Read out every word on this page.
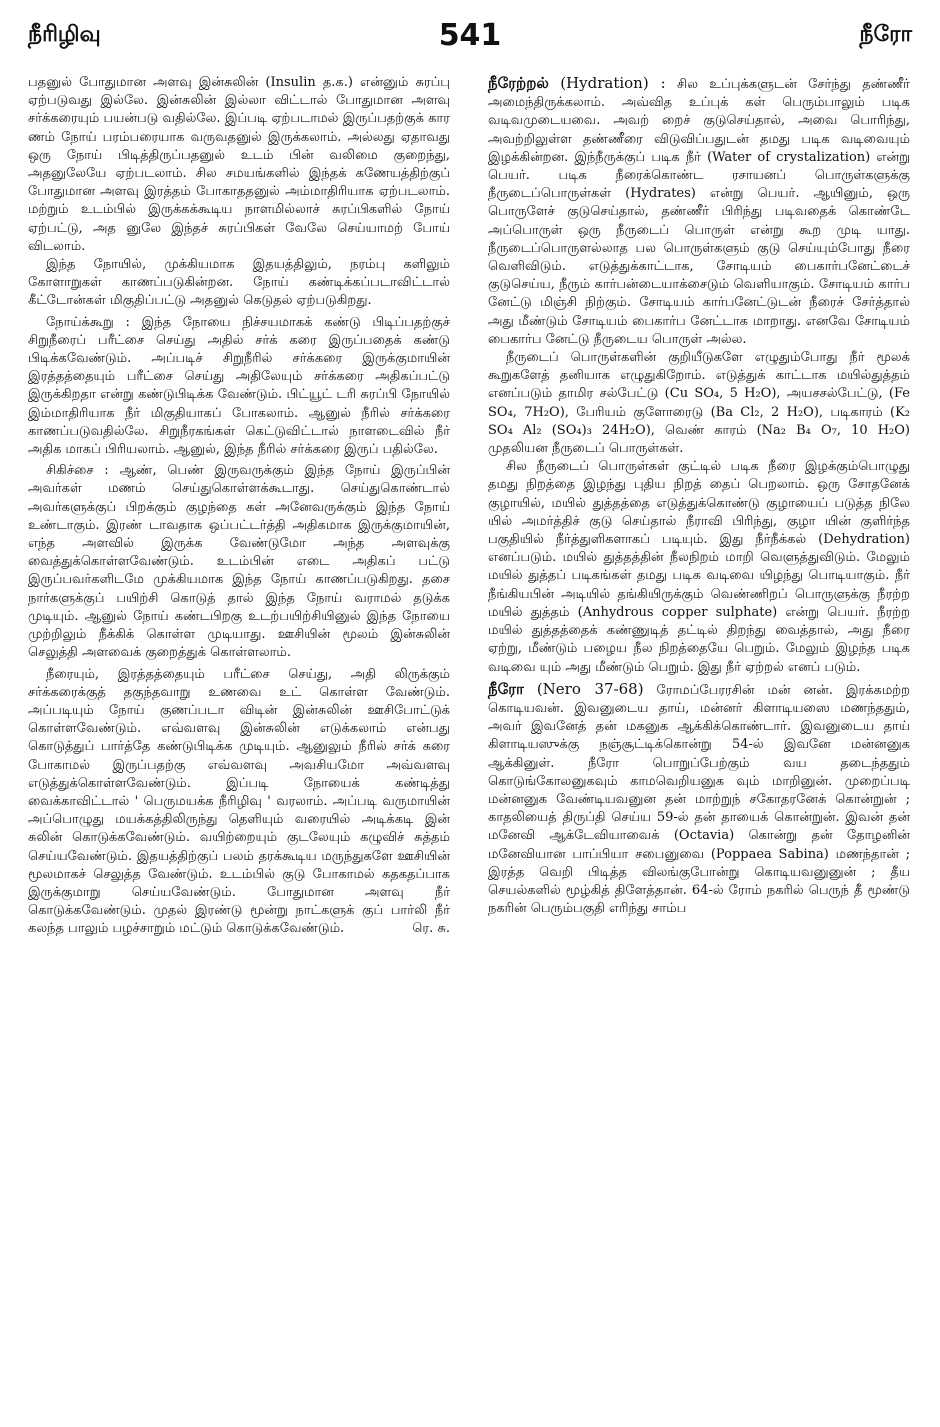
நீரிழிவு	541	நீரோ

பதனுல் போதுமான அளவு இன்சுலின் (Insulin த.க.) என்னும் சுரப்பு ஏற்படுவது இல்லே. இன்சுலின் இல்லா விட்டால் போதுமான அளவு சர்க்கரையும் பயன்படு வதில்லே. இப்படி ஏற்படாமல் இருப்பதற்குக் கார ணம் நோய் பரம்பரையாக வருவதனுல் இருக்கலாம். அல்லது ஏதாவது ஒரு நோய் பிடித்திருப்பதனுல் உடம் பின் வலிமை குறைந்து, அதனுலேயே ஏற்படலாம். சில சமயங்களில் இந்தக் கணேயத்திற்குப் போதுமான அளவு இரத்தம் போகாததனுல் அம்மாதிரியாக ஏற்படலாம். மற்றும் உடம்பில் இருக்கக்கூடிய நாளமில்லாச் சுரப்பிகளில் நோய் ஏற்பட்டு, அத னுலே இந்தச் சுரப்பிகள் வேலே செய்யாமற் போய் விடலாம்.

இந்த நோயில், முக்கியமாக இதயத்திலும், நரம்பு களிலும் கோளாறுகள் காணப்படுகின்றன. நோய் கண்டிக்கப்படாவிட்டால் கீட்டோன்கள் மிகுதிப்பட்டு அதனுல் கெடுதல் ஏற்படுகிறது.

நோய்க்கூறு : இந்த நோயை நிச்சயமாகக் கண்டு பிடிப்பதற்குச் சிறுநீரைப் பரீட்சை செய்து அதில் சர்க் கரை இருப்பதைக் கண்டு பிடிக்கவேண்டும். அப்படிச் சிறுநீரில் சர்க்கரை இருக்குமாயின் இரத்தத்தையும் பரீட்சை செய்து அதிலேயும் சர்க்கரை அதிகப்பட்டு இருக்கிறதா என்று கண்டுபிடிக்க வேண்டும். பிட்யூட் டரி சுரப்பி நோயில் இம்மாதிரியாக நீர் மிகுதியாகப் போகலாம். ஆனுல் நீரில் சர்க்கரை காணப்படுவதில்லே. சிறுநீரகங்கள் கெட்டுவிட்டால் நாளடைவில் நீர் அதிக மாகப் பிரியலாம். ஆனுல், இந்த நீரில் சர்க்கரை இருப் பதில்லே.

சிகிச்சை : ஆண், பெண் இருவருக்கும் இந்த நோய் இருப்பின் அவர்கள் மணம் செய்துகொள்ளக்கூடாது. செய்துகொண்டால் அவர்களுக்குப் பிறக்கும் குழந்தை கள் அனேவருக்கும் இந்த நோய் உண்டாகும். இரண் டாவதாக ஒப்பட்டர்த்தி அதிகமாக இருக்குமாயின், எந்த அளவில் இருக்க வேண்டுமோ அந்த அளவுக்கு வைத்துக்கொள்ளவேண்டும். உடம்பின் எடை அதிகப் பட்டு இருப்பவர்களிடமே முக்கியமாக இந்த நோய் காணப்படுகிறது. தசை நார்களுக்குப் பயிற்சி கொடுத் தால் இந்த நோய் வராமல் தடுக்க முடியும். ஆனுல் நோய் கண்டபிறகு உடற்பயிற்சியினுல் இந்த நோயை முற்றிலும் நீக்கிக் கொள்ள முடியாது. ஊசியின் மூலம் இன்சுலின் செலுத்தி அளவைக் குறைத்துக் கொள்ளலாம்.

நீரையும், இரத்தத்தையும் பரீட்சை செய்து, அதி லிருக்கும் சர்க்கரைக்குத் தகுந்தவாறு உணவை உட் கொள்ள வேண்டும். அப்படியும் நோய் குணப்படா விடின் இன்சுலின் ஊசிபோட்டுக் கொள்ளவேண்டும். எவ்வளவு இன்சுலின் எடுக்கலாம் என்பது கொடுத்துப் பார்த்தே கண்டுபிடிக்க முடியும். ஆனுலும் நீரில் சர்க் கரை போகாமல் இருப்பதற்கு எவ்வளவு அவசியமோ அவ்வளவு எடுத்துக்கொள்ளவேண்டும். இப்படி நோயைக் கண்டித்து வைக்காவிட்டால் ' பெருமயக்க நீரிழிவு ' வரலாம். அப்படி வருமாயின் அப்பொழுது மயக்கத்திலிருந்து தெளியும் வரையில் அடிக்கடி இன் சுலின் கொடுக்கவேண்டும். வயிற்றையும் குடலேயும் கழுவிச் சுத்தம் செய்யவேண்டும். இதயத்திற்குப் பலம் தரக்கூடிய மருந்துகளே ஊசியின் மூலமாகச் செலுத்த வேண்டும். உடம்பில் குடு போகாமல் கதகதப்பாக இருக்குமாறு செய்யவேண்டும். போதுமான அளவு நீர் கொடுக்கவேண்டும். முதல் இரண்டு மூன்று நாட்களுக் குப் பார்லி நீர் கலந்த பாலும் பழச்சாறும் மட்டும் கொடுக்கவேண்டும்.	ரெ. சு.

நீரேற்றல் (Hydration) : சில உப்புக்களுடன் சேர்ந்து தண்ணீர் அமைந்திருக்கலாம். அவ்வித உப்புக் கள் பெரும்பாலும் படிக வடிவமுடையவை. அவற் றைச் குடுசெய்தால், அவை பொரிந்து, அவற்றிலுள்ள தண்ணீரை விடுவிப்பதுடன் தமது படிக வடிவையும் இழக்கின்றன. இந்நீருக்குப் படிக நீர் (Water of crystalization) என்று பெயர். படிக நீரைக்கொண்ட ரசாயனப் பொருள்களுக்கு நீருடைப்பொருள்கள் (Hydrates) என்று பெயர். ஆயினும், ஒரு பொருளேச் குடுசெய்தால், தண்ணீர் பிரிந்து படிவதைக் கொண்டே அப்பொருள் ஒரு நீருடைப் பொருள் என்று கூற முடி யாது. நீருடைப்பொருளல்லாத பல பொருள்களும் குடு செய்யும்போது நீரை வெளிவிடும். எடுத்துக்காட்டாக, சோடியம் பைகார்பனேட்டைச் குடுசெய்ய, நீரும் கார்பன்டையாக்சைடும் வெளியாகும். சோடியம் கார்ப னேட்டு மிஞ்சி நிற்கும். சோடியம் கார்பனேட்டுடன் நீரைச் சேர்த்தால் அது மீண்டும் சோடியம் பைகார்ப னேட்டாக மாறாது. எனவே சோடியம் பைகார்ப னேட்டு நீருடைய பொருள் அல்ல.

நீருடைப் பொருள்களின் குறியீடுகளே எழுதும்போது நீர் மூலக் கூறுகளேத் தனியாக எழுதுகிறோம். எடுத்துக் காட்டாக மயில்துத்தம் எனப்படும் தாமிர சல்பேட்டு (Cu SO₄, 5 H₂O), அயசசல்பேட்டு, (Fe SO₄, 7H₂O), பேரியம் குளோரைடு (Ba Cl₂, 2 H₂O), படிகாரம் (K₂ SO₄ Al₂ (SO₄)₃ 24H₂O), வெண் காரம் (Na₂ B₄ O₇, 10 H₂O) முதலியன நீருடைப் பொருள்கள்.

சில நீருடைப் பொருள்கள் குட்டில் படிக நீரை இழக்கும்பொழுது தமது நிறத்தை இழந்து புதிய நிறத் தைப் பெறலாம். ஒரு சோதனேக் குழாயில், மயில் துத்தத்தை எடுத்துக்கொண்டு குழாயைப் படுத்த நிலே யில் அமர்த்திச் குடு செய்தால் நீராவி பிரிந்து, குழா யின் குளிர்ந்த பகுதியில் நீர்த்துளிகளாகப் படியும். இது நீர்நீக்கல் (Dehydration) எனப்படும். மயில் துத்தத்தின் நீலநிறம் மாறி வெளுத்துவிடும். மேலும் மயில் துத்தப் படிகங்கள் தமது படிக வடிவை யிழந்து பொடியாகும். நீர் நீங்கியபின் அடியில் தங்கியிருக்கும் வெண்ணிறப் பொருளுக்கு நீரற்ற மயில் துத்தம் (Anhydrous copper sulphate) என்று பெயர். நீரற்ற மயில் துத்தத்தைக் கண்ணுடித் தட்டில் திறந்து வைத்தால், அது நீரை ஏற்று, மீண்டும் பழைய நீல நிறத்தையே பெறும். மேலும் இழந்த படிக வடிவை யும் அது மீண்டும் பெறும். இது நீர் ஏற்றல் எனப் படும்.

நீரோ (Nero 37-68) ரோமப்பேரரசின் மன் னன். இரக்கமற்ற கொடியவன். இவனுடைய தாய், மன்னர் கிளாடியஸை மணந்ததும், அவர் இவனேத் தன் மகனுக ஆக்கிக்கொண்டார். இவனுடைய தாய் கிளாடியஸுக்கு நஞ்சூட்டிக்கொன்று 54-ல் இவனே மன்னனுக ஆக்கினுள். நீரோ பொறுப்பேற்கும் வய தடைந்ததும் கொடுங்கோலனுகவும் காமவெறியனுக வும் மாறினுன். முறைப்படி மன்னனுக வேண்டியவனுன தன் மாற்றுந் சகோதரனேக் கொன்றுன் ; காதலியைத் திருப்தி செய்ய 59-ல் தன் தாயைக் கொன்றுன். இவன் தன் மனேவி ஆக்டேவியாவைக் (Octavia) கொன்று தன் தோழனின் மனேவியான பாப்பியா சபைனுவை (Poppaea Sabina) மணந்தான் ; இரத்த வெறி பிடித்த விலங்குபோன்று கொடியவனுனுன் ; தீய செயல்களில் மூழ்கித் திளேத்தான். 64-ல் ரோம் நகரில் பெருந் தீ மூண்டு நகரின் பெரும்பகுதி எரிந்து சாம்ப
